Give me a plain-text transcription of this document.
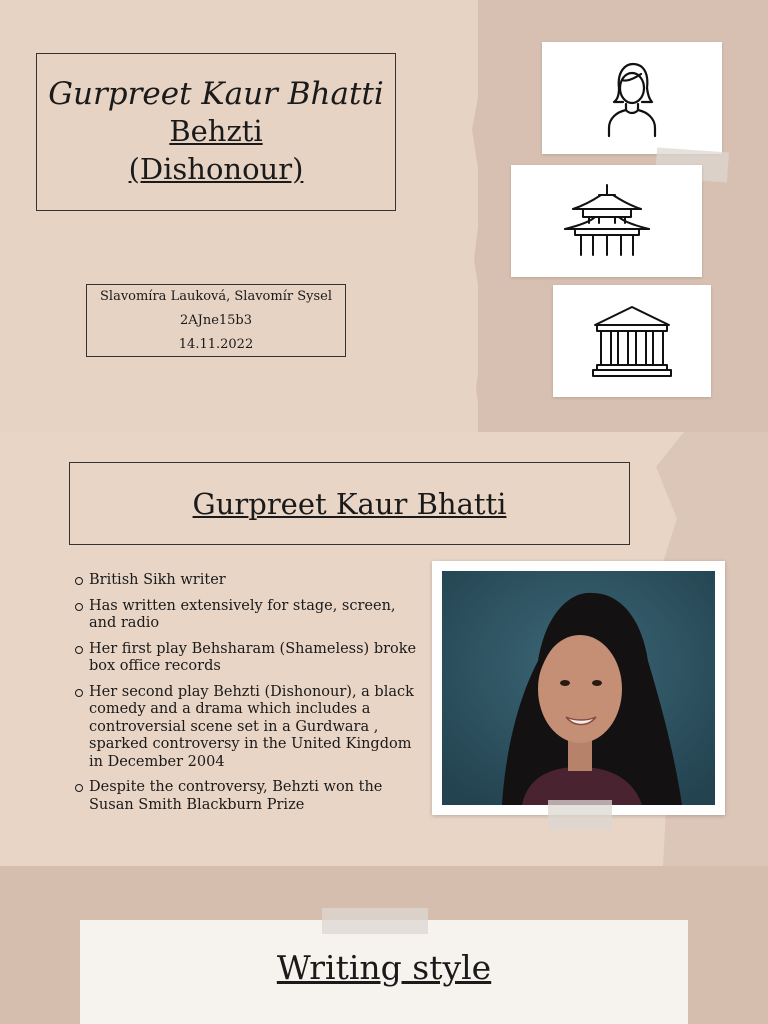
Gurpreet Kaur Bhatti
Behzti
(Dishonour)
Slavomíra Lauková, Slavomír Sysel
2AJne15b3
14.11.2022
Gurpreet Kaur Bhatti
British Sikh writer
Has written extensively for stage, screen, and radio
Her first play Behsharam (Shameless) broke box office records
Her second play Behzti (Dishonour), a black comedy and a drama which includes a controversial scene set in a Gurdwara , sparked controversy in the United Kingdom in December 2004
Despite the controversy, Behzti won the Susan Smith Blackburn Prize
Writing style
